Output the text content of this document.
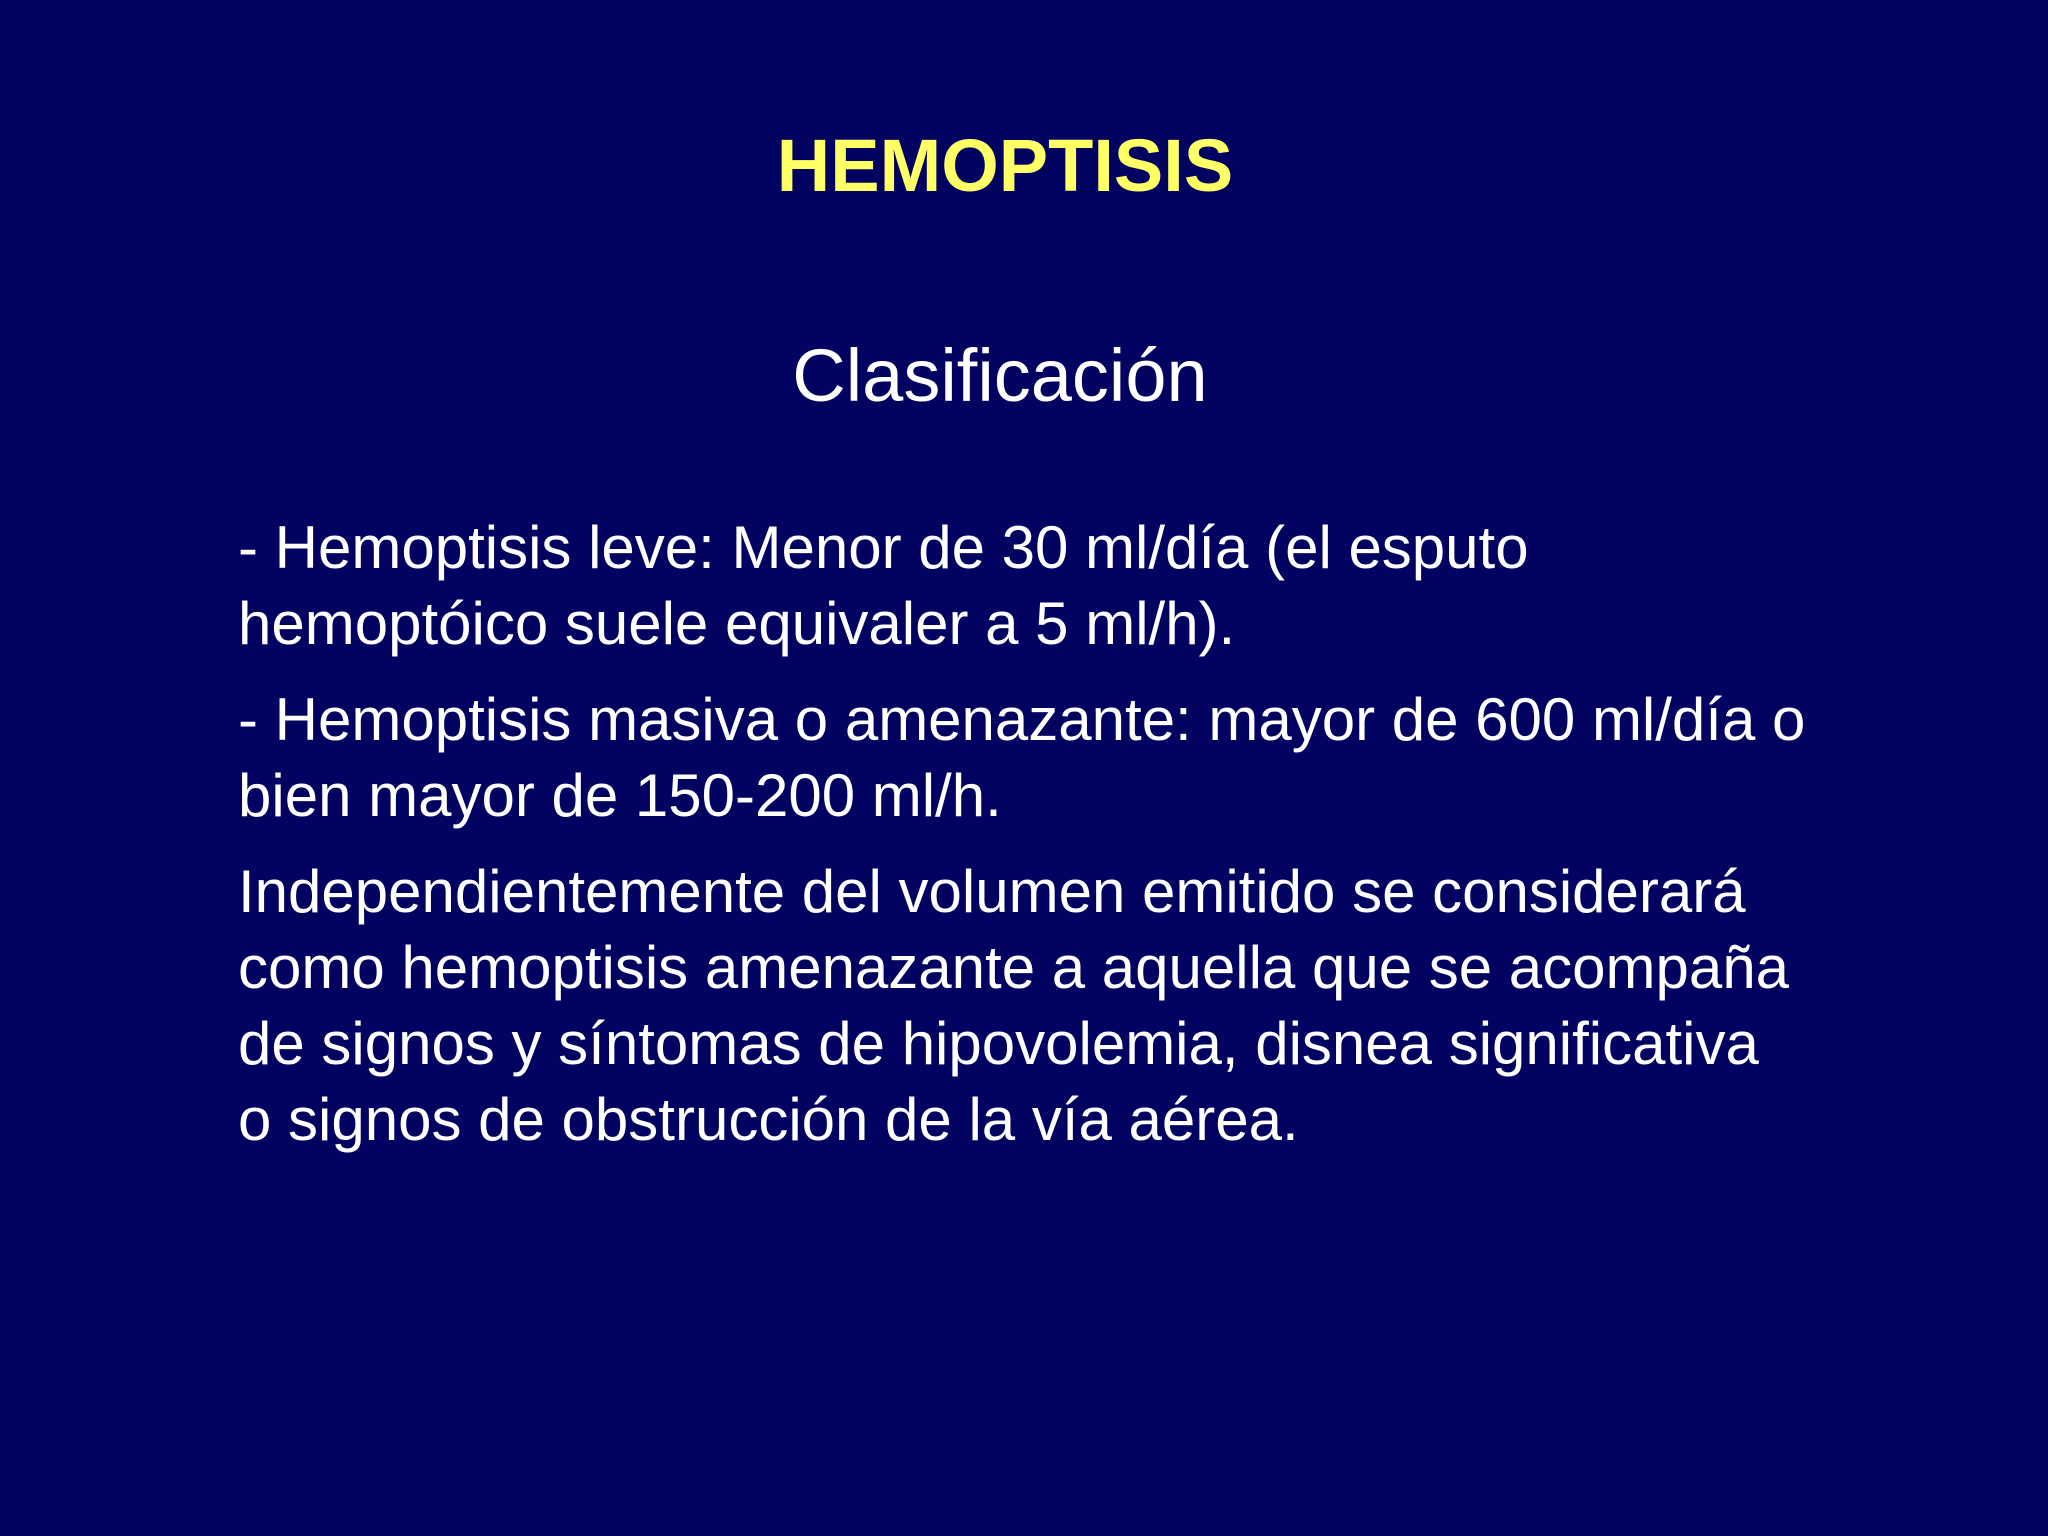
HEMOPTISIS
Clasificación

- Hemoptisis leve: Menor de 30 ml/día (el esputo
hemoptóico suele equivaler a 5 ml/h).

- Hemoptisis masiva o amenazante: mayor de 600 ml/día o
bien mayor de 150-200 ml/h.

Independientemente del volumen emitido se considerará
como hemoptisis amenazante a aquella que se acompaña
de signos y síntomas de hipovolemia, disnea significativa
o signos de obstrucción de la vía aérea.
